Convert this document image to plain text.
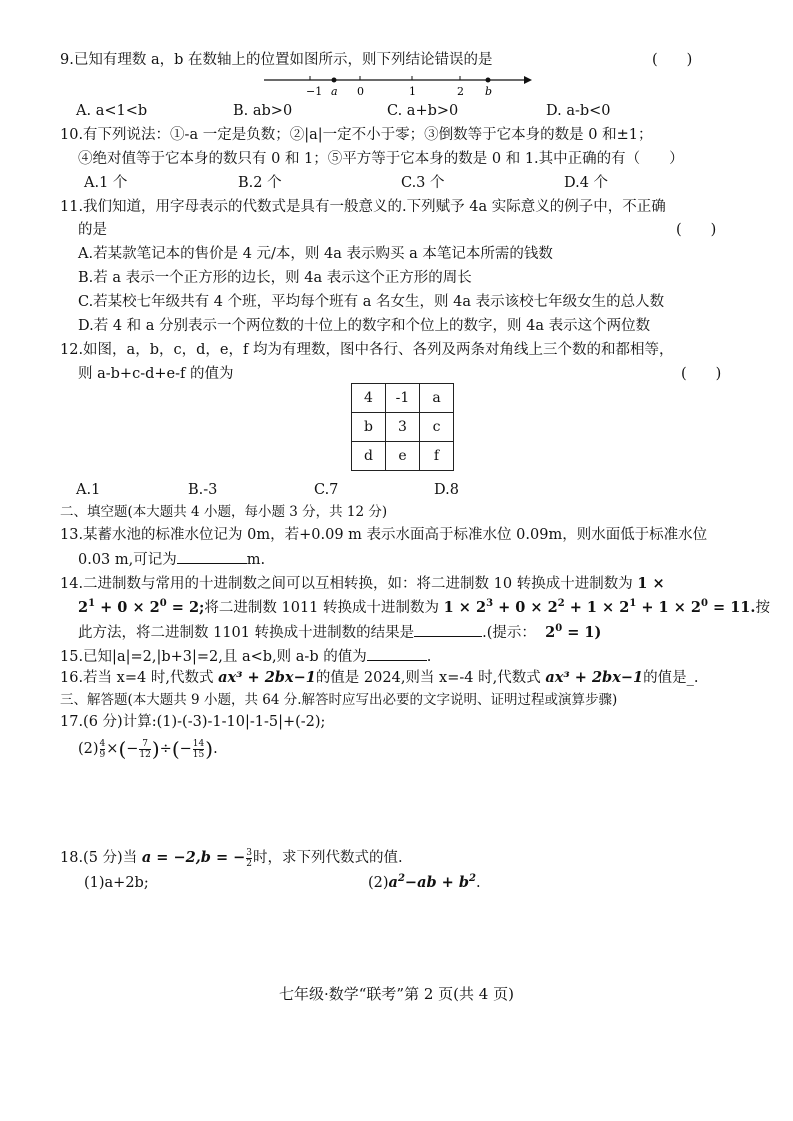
9.已知有理数 a，b 在数轴上的位置如图所示，则下列结论错误的是	(　　)
−1 a 0	1	2 b
A. a<1<b	B. ab>0	C. a+b>0	D. a-b<0
10.有下列说法：①-a 一定是负数；②|a|一定不小于零；③倒数等于它本身的数是 0 和±1；
④绝对值等于它本身的数只有 0 和 1；⑤平方等于它本身的数是 0 和 1.其中正确的有（　　）
A.1 个	B.2 个	C.3 个	D.4 个
11.我们知道，用字母表示的代数式是具有一般意义的.下列赋予 4a 实际意义的例子中，不正确
的是	(　　)
A.若某款笔记本的售价是 4 元/本，则 4a 表示购买 a 本笔记本所需的钱数
B.若 a 表示一个正方形的边长，则 4a 表示这个正方形的周长
C.若某校七年级共有 4 个班，平均每个班有 a 名女生，则 4a 表示该校七年级女生的总人数
D.若 4 和 a 分别表示一个两位数的十位上的数字和个位上的数字，则 4a 表示这个两位数
12.如图，a，b，c，d，e，f 均为有理数，图中各行、各列及两条对角线上三个数的和都相等，
则 a-b+c-d+e-f 的值为	(　　)
4	-1	a
b	3	c
d	e	f
A.1	B.-3	C.7	D.8
二、填空题(本大题共 4 小题，每小题 3 分，共 12 分)
13.某蓄水池的标准水位记为 0m，若+0.09 m 表示水面高于标准水位 0.09m，则水面低于标准水位
0.03 m,可记为	m.
14.二进制数与常用的十进制数之间可以互相转换，如：将二进制数 10 转换成十进制数为 1 ×
$2^1 + 0 \times 2^0 = 2$;将二进制数 1011 转换成十进制数为 $1 \times 2^3 + 0 \times 2^2 + 1 \times 2^1 + 1 \times 2^0 = 11$.按
此方法，将二进制数 1101 转换成十进制数的结果是	.(提示： $2^0 = 1$)
15.已知|a|=2,|b+3|=2,且 a<b,则 a-b 的值为	.
16.若当 x=4 时,代数式 ax³ + 2bx−1的值是 2024,则当 x=-4 时,代数式 ax³ + 2bx−1的值是_.
三、解答题(本大题共 9 小题，共 64 分.解答时应写出必要的文字说明、证明过程或演算步骤)
17.(6 分)计算:(1)-(-3)-1-10|-1-5|+(-2);
$(2) \frac{4}{9}$ ×(− $\frac{7}{12}$ )÷(− $\frac{14}{15}$ ).
18.(5 分)当 a = −2,b = − $\frac{3}{2}$ 时，求下列代数式的值.
(1)a+2b;	$(2)a^2-ab + b^2$.
七年级·数学“联考”第 2 页(共 4 页)
